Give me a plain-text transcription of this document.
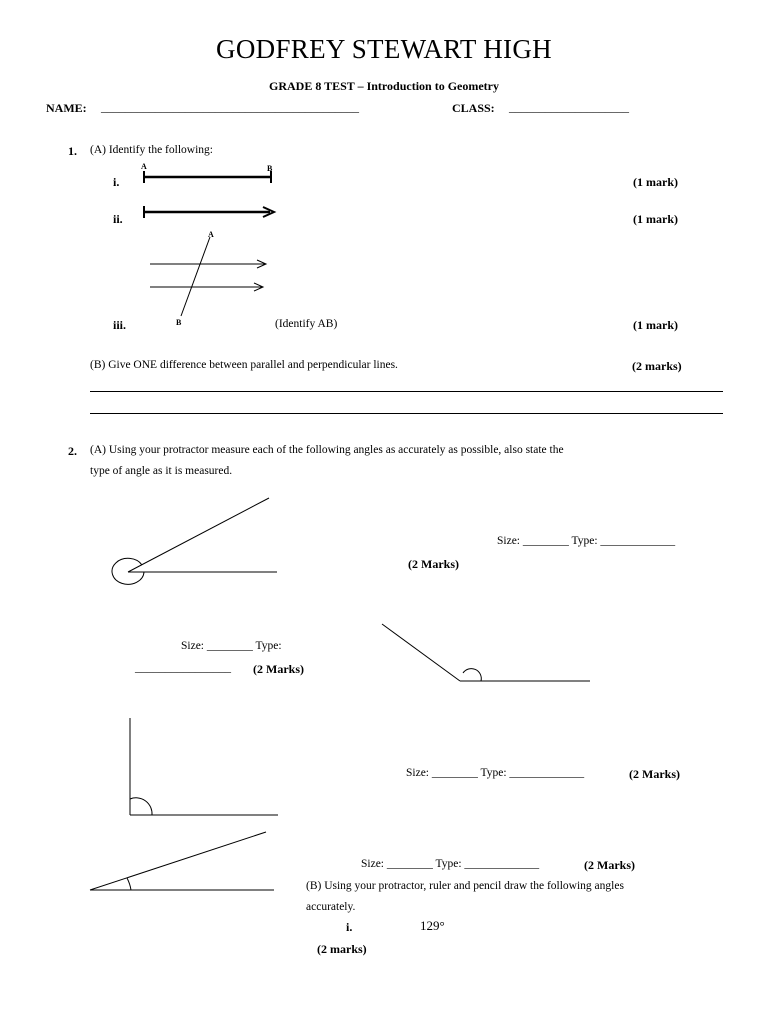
GODFREY STEWART HIGH
GRADE 8 TEST – Introduction to Geometry
NAME: ___________________________________________	CLASS: ____________________
1. (A) Identify the following:
i.	(1 mark)
A	B
ii.	(1 mark)
A
B
iii.	(Identify AB)	(1 mark)
(B) Give ONE difference between parallel and perpendicular lines.	(2 marks)
2. (A) Using your protractor measure each of the following angles as accurately as possible, also state the
type of angle as it is measured.
Size: ________ Type: _____________
(2 Marks)
Size: ________ Type:
________________ (2 Marks)
Size: ________ Type: _____________	(2 Marks)
Size: ________ Type: _____________	(2 Marks)
(B) Using your protractor, ruler and pencil draw the following angles
accurately.
i.	129°
(2 marks)
